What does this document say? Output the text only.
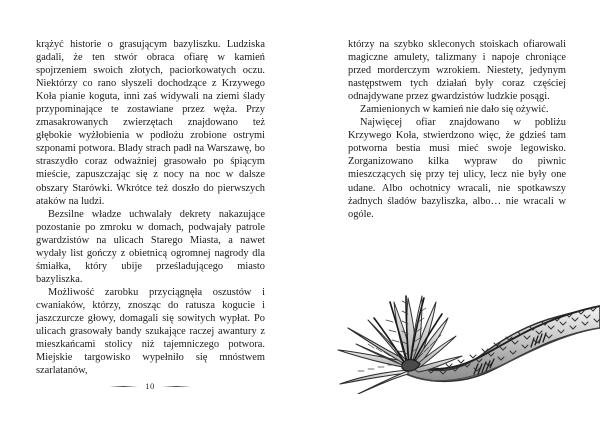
krążyć historie o grasującym bazyliszku. Ludziska gadali, że ten stwór obraca ofiarę w kamień spojrzeniem swoich złotych, paciorkowatych oczu. Niektórzy co rano słyszeli dochodzące z Krzywego Koła pianie koguta, inni zaś widywali na ziemi ślady przypominające te zostawiane przez węża. Przy zmasakrowanych zwierzętach znajdowano też głębokie wyżłobienia w podłożu zrobione ostrymi szponami potwora. Blady strach padł na Warszawę, bo straszydło coraz odważniej grasowało po śpiącym mieście, zapuszczając się z nocy na noc w dalsze obszary Starówki. Wkrótce też doszło do pierwszych ataków na ludzi.

Bezsilne władze uchwalały dekrety nakazujące pozostanie po zmroku w domach, podwajały patrole gwardzistów na ulicach Starego Miasta, a nawet wydały list gończy z obietnicą ogromnej nagrody dla śmiałka, który ubije prześladującego miasto bazyliszka.

Możliwość zarobku przyciągnęła oszustów i cwaniaków, którzy, znosząc do ratusza kogucie i jaszczurcze głowy, domagali się sowitych wypłat. Po ulicach grasowały bandy szukające raczej awantury z mieszkańcami stolicy niż tajemniczego potwora. Miejskie targowisko wypełniło się mnóstwem szarlatanów,

10

którzy na szybko skleconych stoiskach ofiarowali magiczne amulety, talizmany i napoje chroniące przed morderczym wzrokiem. Niestety, jedynym następstwem tych działań były coraz częściej odnajdywane przez gwardzistów ludzkie posągi.

Zamienionych w kamień nie dało się ożywić.

Najwięcej ofiar znajdowano w pobliżu Krzywego Koła, stwierdzono więc, że gdzieś tam potworna bestia musi mieć swoje legowisko. Zorganizowano kilka wypraw do piwnic mieszczących się przy tej ulicy, lecz nie były one udane. Albo ochotnicy wracali, nie spotkawszy żadnych śladów bazyliszka, albo… nie wracali w ogóle.
